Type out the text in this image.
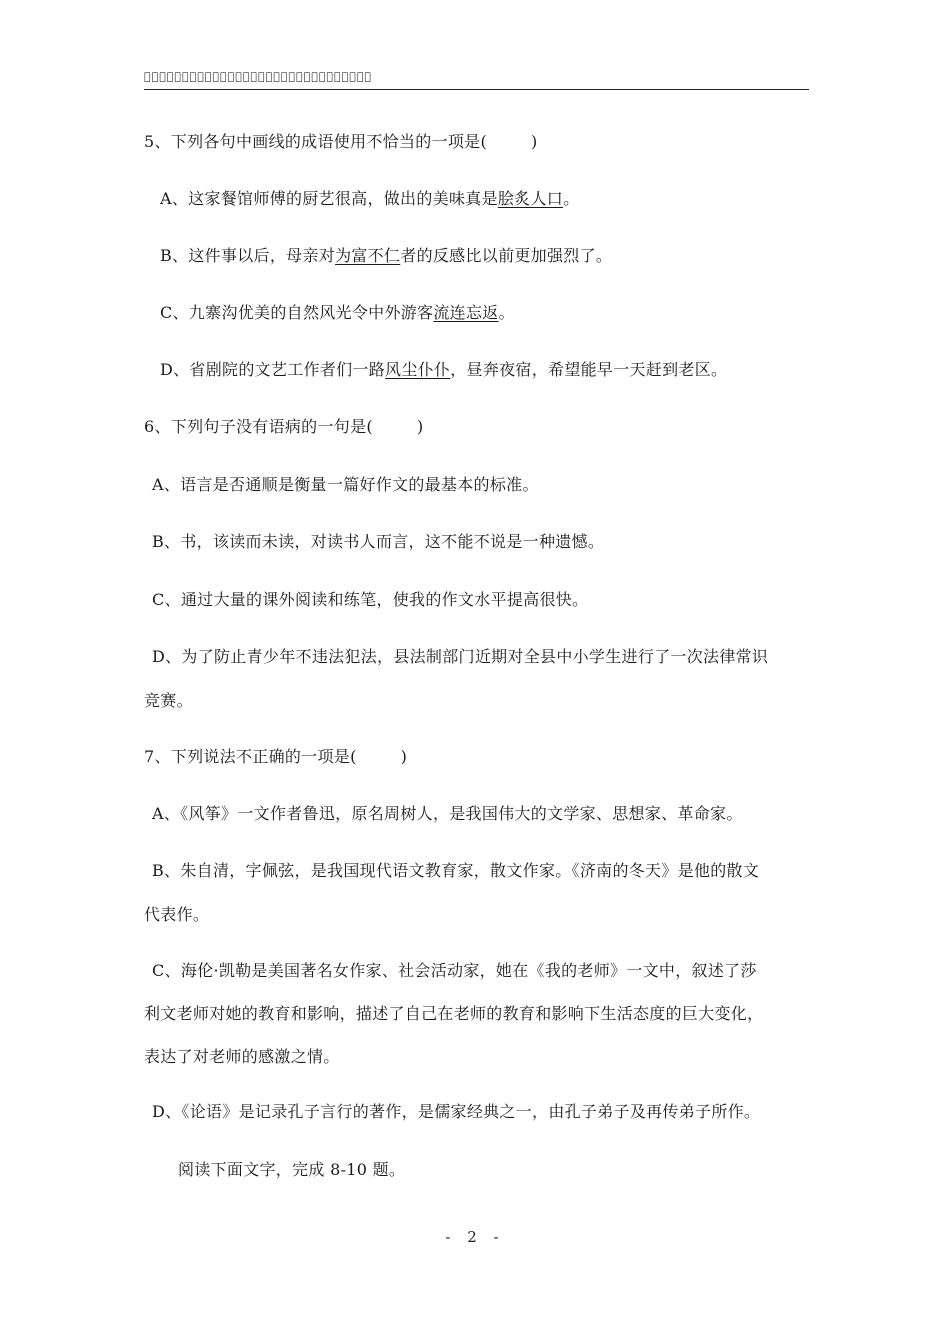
5、下列各句中画线的成语使用不恰当的一项是(	)
A、这家餐馆师傅的厨艺很高，做出的美味真是脍炙人口。
B、这件事以后，母亲对为富不仁者的反感比以前更加强烈了。
C、九寨沟优美的自然风光令中外游客流连忘返。
D、省剧院的文艺工作者们一路风尘仆仆，昼奔夜宿，希望能早一天赶到老区。
6、下列句子没有语病的一句是(	)
A、语言是否通顺是衡量一篇好作文的最基本的标准。
B、书，该读而未读，对读书人而言，这不能不说是一种遗憾。
C、通过大量的课外阅读和练笔，使我的作文水平提高很快。
D、为了防止青少年不违法犯法，县法制部门近期对全县中小学生进行了一次法律常识
竞赛。
7、下列说法不正确的一项是(	)
A、《风筝》一文作者鲁迅，原名周树人，是我国伟大的文学家、思想家、革命家。
B、朱自清，字佩弦，是我国现代语文教育家，散文作家。《济南的冬天》是他的散文
代表作。
C、海伦·凯勒是美国著名女作家、社会活动家，她在《我的老师》一文中，叙述了莎
利文老师对她的教育和影响，描述了自己在老师的教育和影响下生活态度的巨大变化，
表达了对老师的感激之情。
D、《论语》是记录孔子言行的著作，是儒家经典之一，由孔子弟子及再传弟子所作。
阅读下面文字，完成 8-10 题。
- 2 -
